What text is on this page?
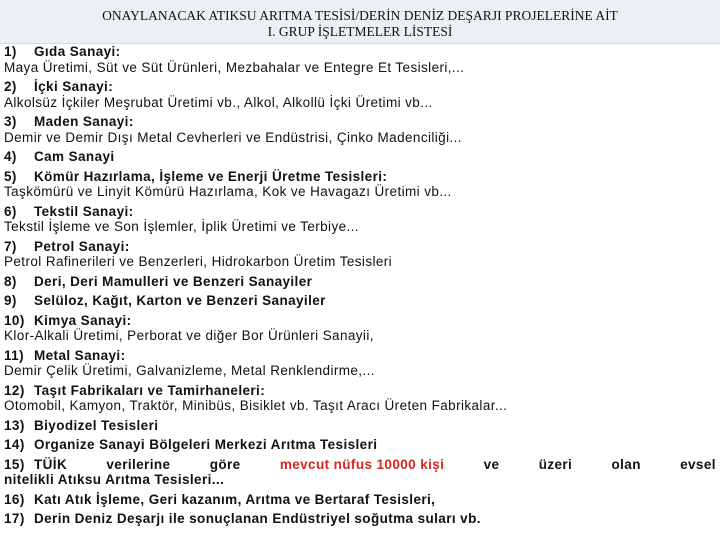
ONAYLANACAK ATIKSU ARITMA TESİSİ/DERİN DENİZ DEŞARJI PROJELERİNE AİT
I. GRUP İŞLETMELER LİSTESİ
1) Gıda Sanayi:
Maya Üretimi, Süt ve Süt Ürünleri, Mezbahalar ve Entegre Et Tesisleri,...
2) İçki Sanayi:
Alkolsüz İçkiler Meşrubat Üretimi vb., Alkol, Alkollü İçki Üretimi vb...
3) Maden Sanayi:
Demir ve Demir Dışı Metal Cevherleri ve Endüstrisi, Çinko Madenciliği...
4) Cam Sanayi
5) Kömür Hazırlama, İşleme ve Enerji Üretme Tesisleri:
Taşkömürü ve Linyit Kömürü Hazırlama, Kok ve Havagazı Üretimi vb...
6) Tekstil Sanayi:
Tekstil İşleme ve Son İşlemler, İplik Üretimi ve Terbiye...
7) Petrol Sanayi:
Petrol Rafinerileri ve Benzerleri, Hidrokarbon Üretim Tesisleri
8) Deri, Deri Mamulleri ve Benzeri Sanayiler
9) Selüloz, Kağıt, Karton ve Benzeri Sanayiler
10) Kimya Sanayi:
Klor-Alkali Üretimi, Perborat ve diğer Bor Ürünleri Sanayii,
11) Metal Sanayi:
Demir Çelik Üretimi, Galvanizleme, Metal Renklendirme,...
12) Taşıt Fabrikaları ve Tamirhaneleri:
Otomobil, Kamyon, Traktör, Minibüs, Bisiklet vb. Taşıt Aracı Üreten Fabrikalar...
13) Biyodizel Tesisleri
14) Organize Sanayi Bölgeleri Merkezi Arıtma Tesisleri
15) TÜİK	verilerine	göre	mevcut nüfus 10000 kişi	ve	üzeri	olan	evsel
nitelikli Atıksu Arıtma Tesisleri...
16) Katı Atık İşleme, Geri kazanım, Arıtma ve Bertaraf Tesisleri,
17) Derin Deniz Deşarjı ile sonuçlanan Endüstriyel soğutma suları vb.
